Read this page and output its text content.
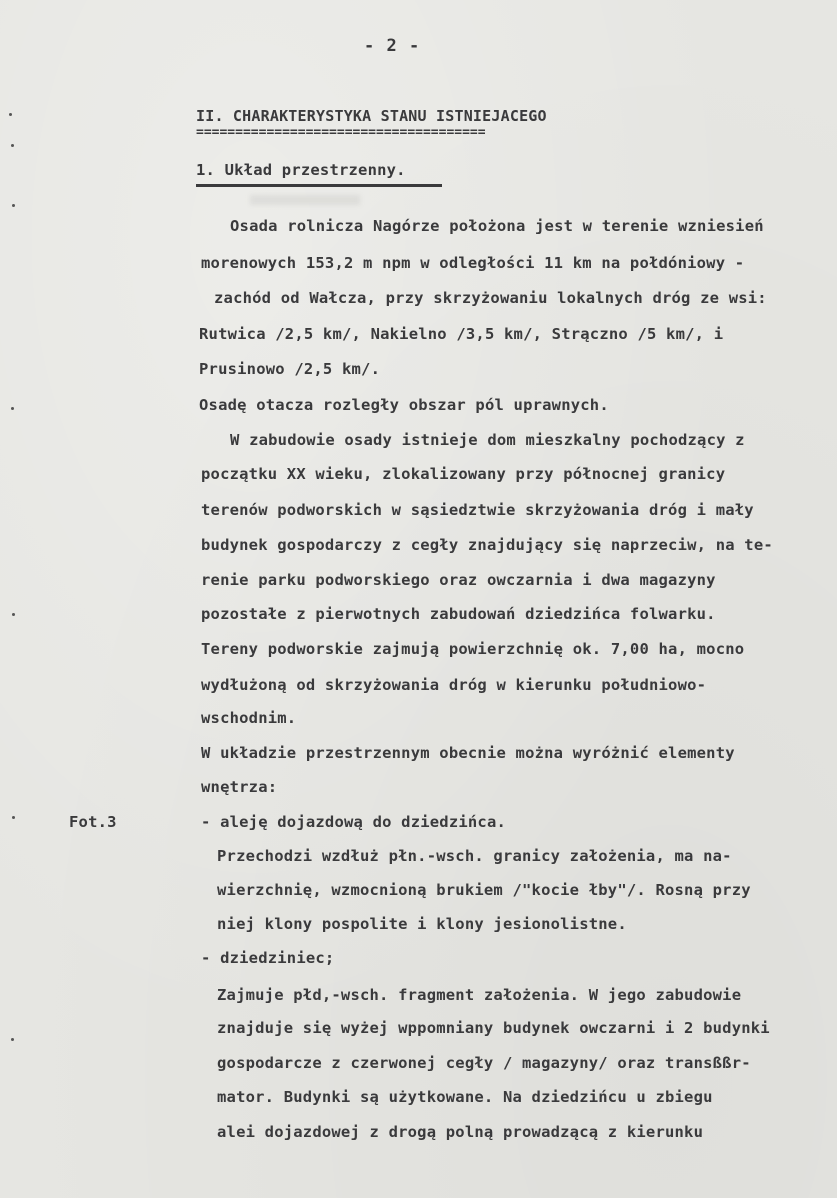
- 2 -
II. CHARAKTERYSTYKA STANU ISTNIEJACEGO
=====================================
1. Układ przestrzenny.
Fot.3
Osada rolnicza Nagórze położona jest w terenie wzniesień
morenowych 153,2 m npm w odległości 11 km na połdóniowy -
zachód od Wałcza, przy skrzyżowaniu lokalnych dróg ze wsi:
Rutwica /2,5 km/, Nakielno /3,5 km/, Strączno /5 km/, i
Prusinowo /2,5 km/.
Osadę otacza rozległy obszar pól uprawnych.
W zabudowie osady istnieje dom mieszkalny pochodzący z
początku XX wieku, zlokalizowany przy północnej granicy
terenów podworskich w sąsiedztwie skrzyżowania dróg i mały
budynek gospodarczy z cegły znajdujący się naprzeciw, na te-
renie parku podworskiego oraz owczarnia i dwa magazyny
pozostałe z pierwotnych zabudowań dziedzińca folwarku.
Tereny podworskie zajmują powierzchnię ok. 7,00 ha, mocno
wydłużoną od skrzyżowania dróg w kierunku południowo-
wschodnim.
W układzie przestrzennym obecnie można wyróżnić elementy
wnętrza:
- aleję dojazdową do dziedzińca.
Przechodzi wzdłuż płn.-wsch. granicy założenia, ma na-
wierzchnię, wzmocnioną brukiem /"kocie łby"/. Rosną przy
niej klony pospolite i klony jesionolistne.
- dziedziniec;
Zajmuje płd,-wsch. fragment założenia. W jego zabudowie
znajduje się wyżej wppomniany budynek owczarni i 2 budynki
gospodarcze z czerwonej cegły / magazyny/ oraz transßßr-
mator. Budynki są użytkowane. Na dziedzińcu u zbiegu
alei dojazdowej z drogą polną prowadzącą z kierunku
